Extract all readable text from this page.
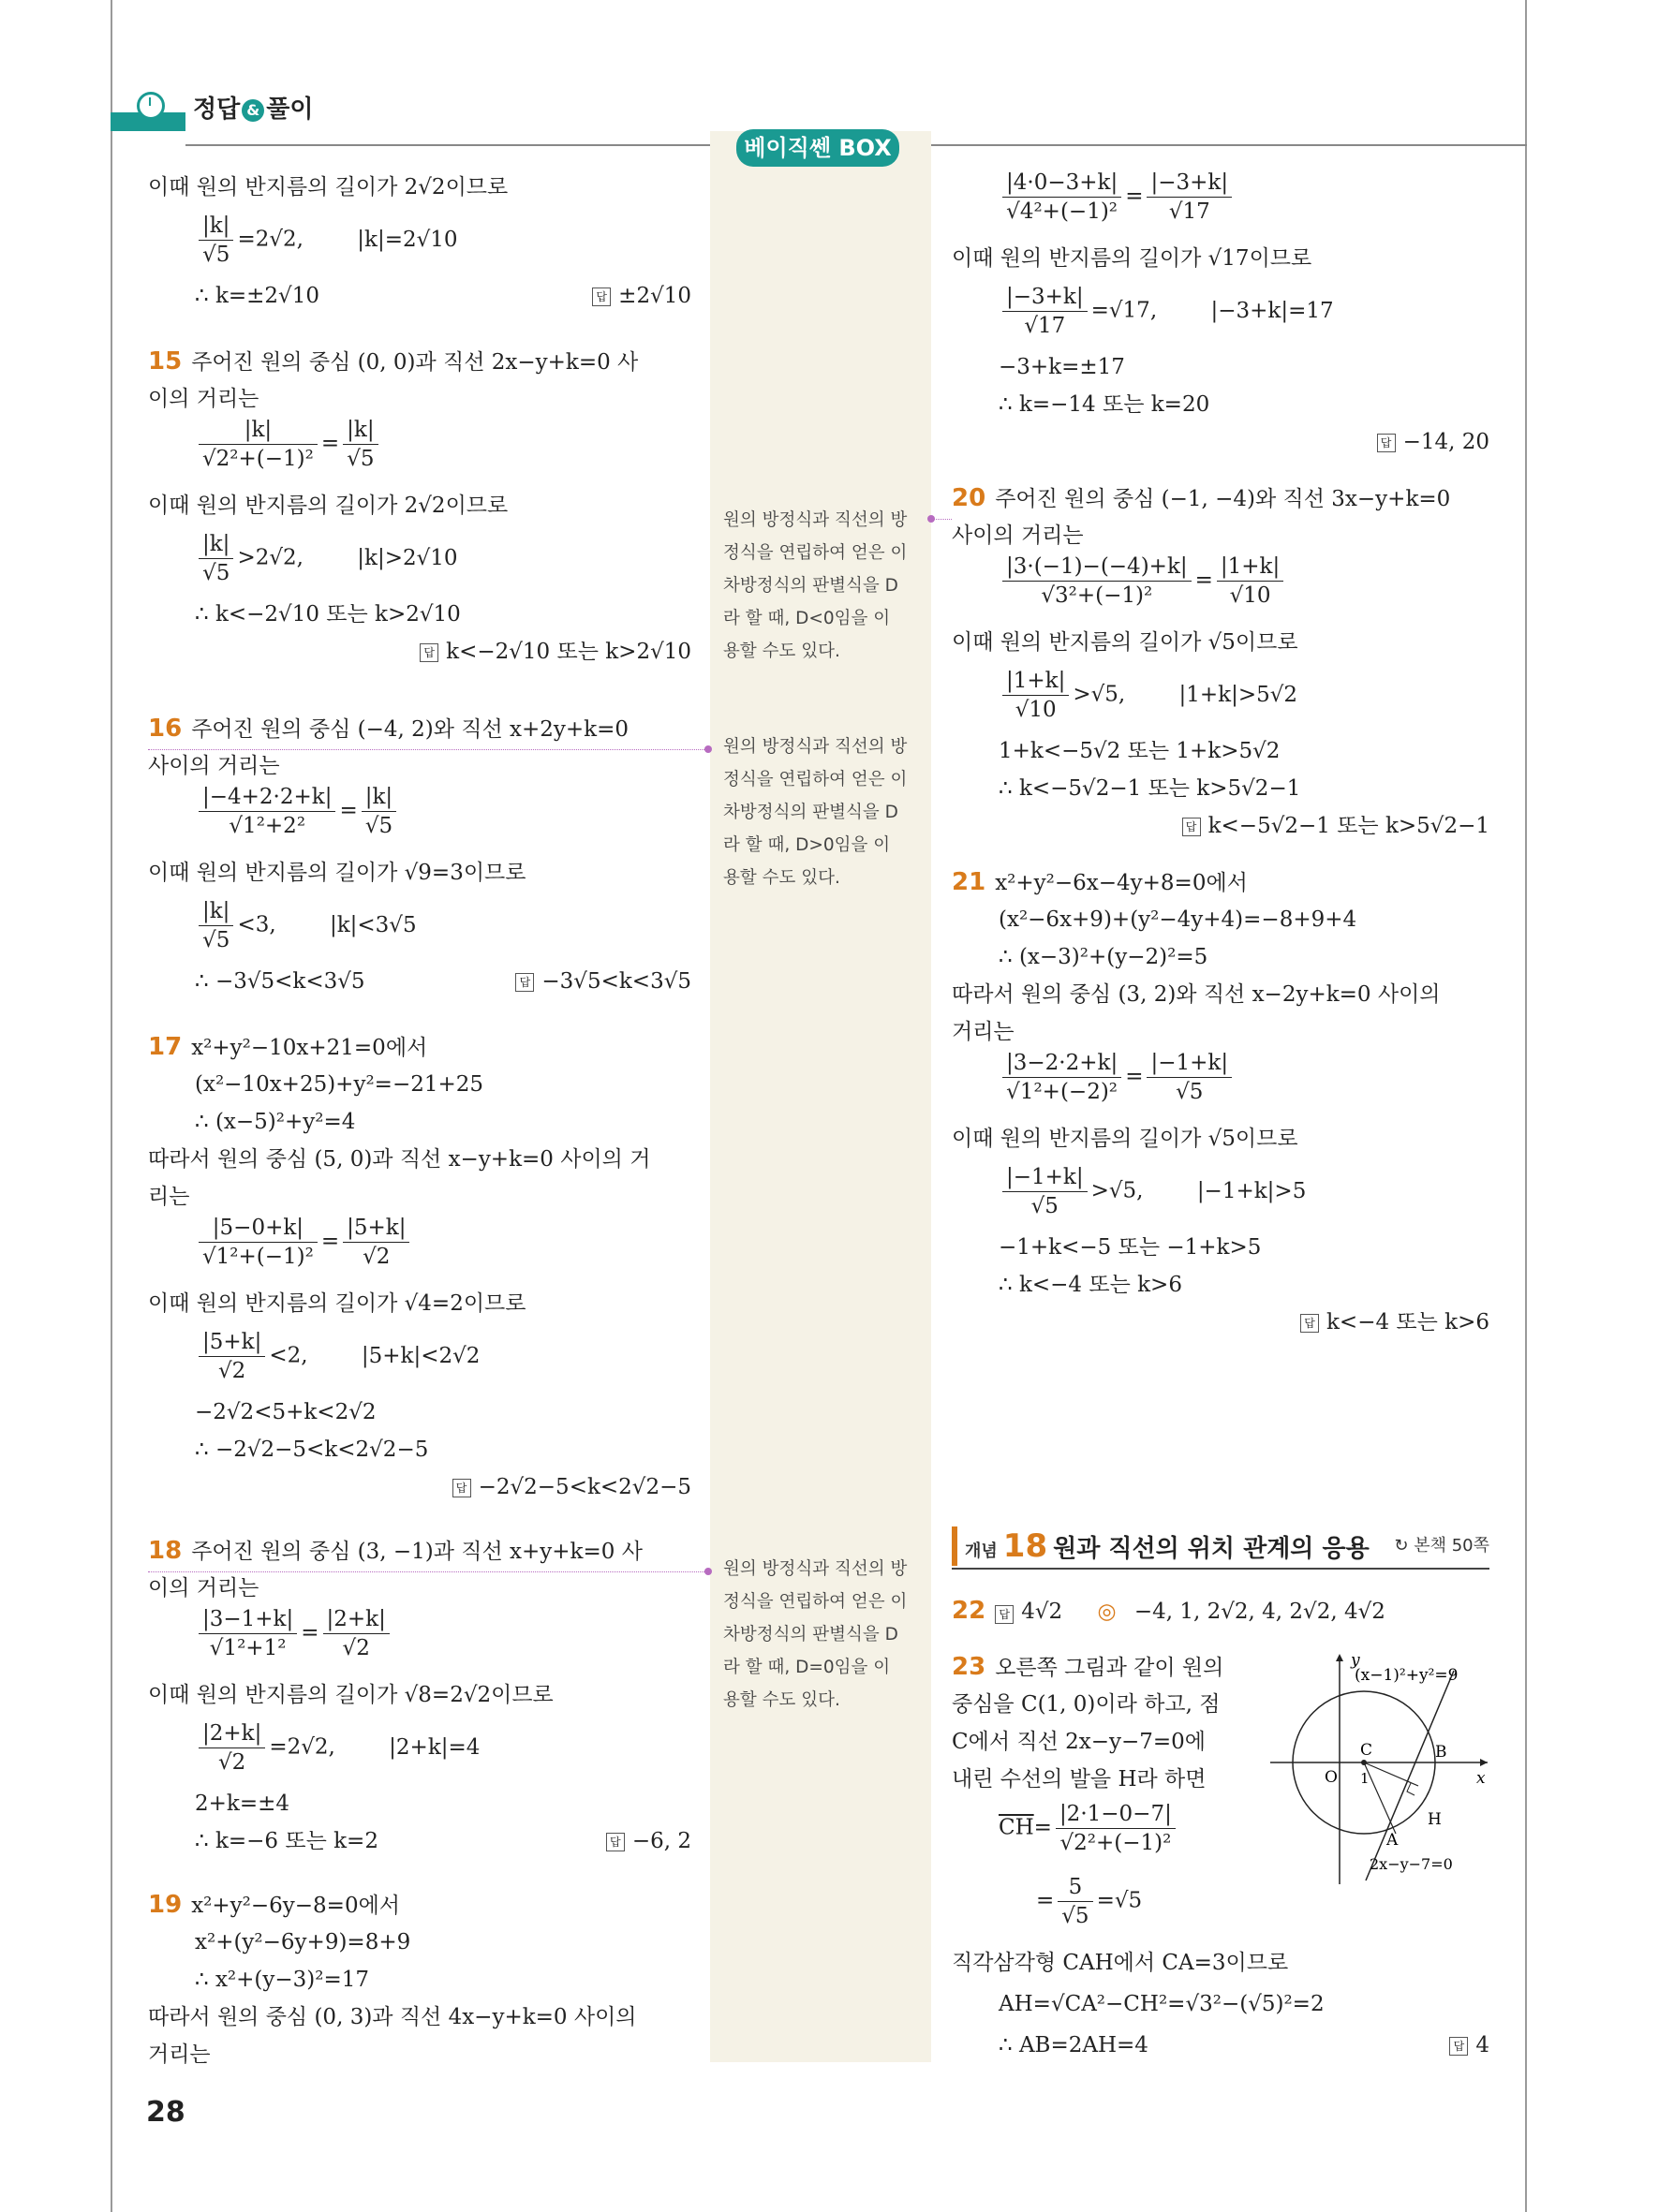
정답 & 풀이
베이직쎈 BOX
이때 원의 반지름의 길이가 2√2이므로
$\frac{|k|}{√5} =2√2$, |k|=2√10
∴ k=±2√10	답 ±2√10
15 주어진 원의 중심 (0, 0)과 직선 2x−y+k=0 사
이의 거리는
$\frac{|k|}{\text{√2²+(−1)²}} = \frac{|k|}{√5}$
이때 원의 반지름의 길이가 2√2이므로
$\frac{|k|}{√5} >2√2$, |k|>2√10
∴ k<−2√10 또는 k>2√10
답 k<−2√10 또는 k>2√10
16 주어진 원의 중심 (−4, 2)와 직선 x+2y+k=0
사이의 거리는
$\frac{|-4+2\cdot 2+k|}{\text{√1²+2²}} = \frac{|k|}{√5}$
이때 원의 반지름의 길이가 √9=3이므로
$\frac{|k|}{√5} <3$, |k|<3√5
∴ −3√5<k<3√5	답 −3√5<k<3√5
17 x²+y²−10x+21=0에서
(x²−10x+25)+y²=−21+25
∴ (x−5)²+y²=4
따라서 원의 중심 (5, 0)과 직선 x−y+k=0 사이의 거
리는
$\frac{|5-0+k|}{\text{√1²+(−1)²}} = \frac{|5+k|}{√2}$
이때 원의 반지름의 길이가 √4=2이므로
$\frac{|5+k|}{√2} <2$, |5+k|<2√2
−2√2<5+k<2√2
∴ −2√2−5<k<2√2−5
답 −2√2−5<k<2√2−5
18 주어진 원의 중심 (3, −1)과 직선 x+y+k=0 사
이의 거리는
$\frac{|3-1+k|}{\text{√1²+1²}} = \frac{|2+k|}{√2}$
이때 원의 반지름의 길이가 √8=2√2이므로
$\frac{|2+k|}{√2} =2√2$, |2+k|=4
2+k=±4
∴ k=−6 또는 k=2	답 −6, 2
19 x²+y²−6y−8=0에서
x²+(y²−6y+9)=8+9
∴ x²+(y−3)²=17
따라서 원의 중심 (0, 3)과 직선 4x−y+k=0 사이의
거리는
원의 방정식과 직선의 방
정식을 연립하여 얻은 이
차방정식의 판별식을 D
라 할 때, D<0임을 이
용할 수도 있다.
원의 방정식과 직선의 방
정식을 연립하여 얻은 이
차방정식의 판별식을 D
라 할 때, D>0임을 이
용할 수도 있다.
원의 방정식과 직선의 방
정식을 연립하여 얻은 이
차방정식의 판별식을 D
라 할 때, D=0임을 이
용할 수도 있다.
$\frac{|4\cdot 0-3+k|}{\text{√4²+(−1)²}} = \frac{|-3+k|}{√17}$
이때 원의 반지름의 길이가 √17이므로
$\frac{|-3+k|}{√17} =√17$, |−3+k|=17
−3+k=±17
∴ k=−14 또는 k=20
답 −14, 20
20 주어진 원의 중심 (−1, −4)와 직선 3x−y+k=0
사이의 거리는
$\frac{|3\cdot(-1)-(-4)+k|}{\text{√3²+(−1)²}} = \frac{|1+k|}{√10}$
이때 원의 반지름의 길이가 √5이므로
$\frac{|1+k|}{√10} >√5$, |1+k|>5√2
1+k<−5√2 또는 1+k>5√2
∴ k<−5√2−1 또는 k>5√2−1
답 k<−5√2−1 또는 k>5√2−1
21 x²+y²−6x−4y+8=0에서
(x²−6x+9)+(y²−4y+4)=−8+9+4
∴ (x−3)²+(y−2)²=5
따라서 원의 중심 (3, 2)와 직선 x−2y+k=0 사이의
거리는
$\frac{|3-2\cdot 2+k|}{\text{√1²+(−2)²}} = \frac{|-1+k|}{√5}$
이때 원의 반지름의 길이가 √5이므로
$\frac{|-1+k|}{√5} >√5$, |−1+k|>5
−1+k<−5 또는 −1+k>5
∴ k<−4 또는 k>6
답 k<−4 또는 k>6
22 답 4√2 ◎ −4, 1, 2√2, 4, 2√2, 4√2
23 오른쪽 그림과 같이 원의
중심을 C(1, 0)이라 하고, 점
C에서 직선 2x−y−7=0에
내린 수선의 발을 H라 하면
$\overline{CH}= \frac{|2\cdot 1-0-7|}{\text{√2²+(−1)²}}$
= $\frac{5}{√5} =√5$
직각삼각형 CAH에서 CA=3이므로
AH=√CA²−CH²=√3²−(√5)²=2
∴ AB=2AH=4	답 4
개념 18 원과 직선의 위치 관계의 응용 ↻ 본책 50쪽
y
(x−1)²+y²=9
x
O 1
C	B
A
H
2x−y−7=0
28
